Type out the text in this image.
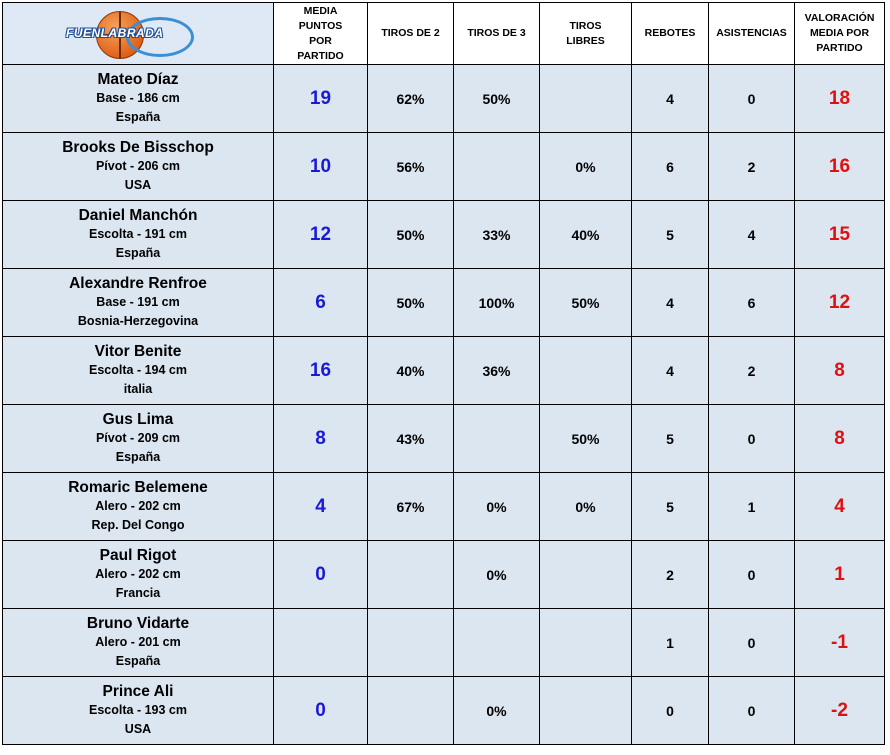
FUENLABRADA	MEDIA PUNTOS POR PARTIDO	TIROS DE 2	TIROS DE 3	TIROS LIBRES	REBOTES	ASISTENCIAS	VALORACIÓN MEDIA POR PARTIDO

Mateo Díaz
Base - 186 cm
España	19	62%	50%		4	0	18

Brooks De Bisschop
Pívot - 206 cm
USA	10	56%		0%	6	2	16

Daniel Manchón
Escolta - 191 cm
España	12	50%	33%	40%	5	4	15

Alexandre Renfroe
Base - 191 cm
Bosnia-Herzegovina	6	50%	100%	50%	4	6	12

Vitor Benite
Escolta - 194 cm
italia	16	40%	36%		4	2	8

Gus Lima
Pívot - 209 cm
España	8	43%		50%	5	0	8

Romaric Belemene
Alero - 202 cm
Rep. Del Congo	4	67%	0%	0%	5	1	4

Paul Rigot
Alero - 202 cm
Francia	0		0%		2	0	1

Bruno Vidarte
Alero - 201 cm
España					1	0	-1

Prince Ali
Escolta - 193 cm
USA	0		0%		0	0	-2
